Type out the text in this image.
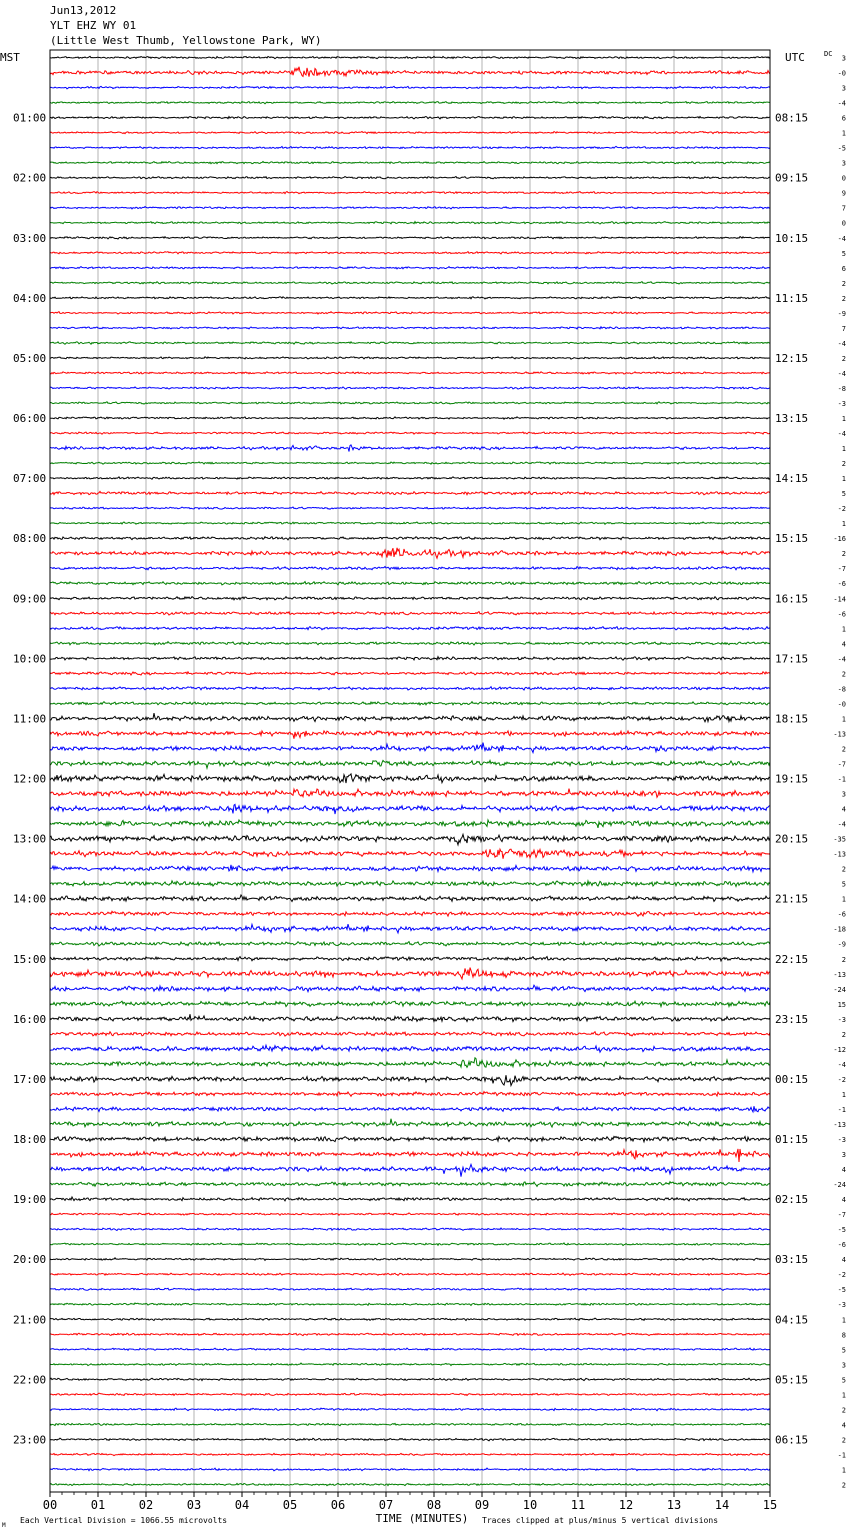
Jun13,2012
YLT EHZ WY 01
(Little West Thumb, Yellowstone Park, WY)
01:00
02:00
03:00
04:00
05:00
06:00
07:00
08:00
09:00
10:00
11:00
12:00
13:00
14:00
15:00
16:00
17:00
18:00
19:00
20:00
21:00
22:00
23:00
08:15
09:15
10:15
11:15
12:15
13:15
14:15
15:15
16:15
17:15
18:15
19:15
20:15
21:15
22:15
23:15
00:15
01:15
02:15
03:15
04:15
05:15
06:15
3
-0
3
-4
6
1
-5
3
0
9
7
0
-4
5
6
2
2
-9
7
-4
2
-4
-8
-3
1
-4
1
2
1
5
-2
1
-16
2
-7
-6
-14
-6
1
4
-4
2
-8
-0
1
-13
2
-7
-1
3
4
-4
-35
-13
2
5
1
-6
-18
-9
2
-13
-24
15
-3
2
-12
-4
-2
1
-1
-13
-3
3
4
-24
4
-7
-5
-6
4
-2
-5
-3
1
8
5
3
5
1
2
4
2
-1
1
2
00	01	02	03	04	05	06	07	08	09	10	11	12	13	14	15
MST	UTC	DC
TIME (MINUTES)
Each Vertical Division = 1066.55 microvolts	Traces clipped at plus/minus 5 vertical divisions
M
